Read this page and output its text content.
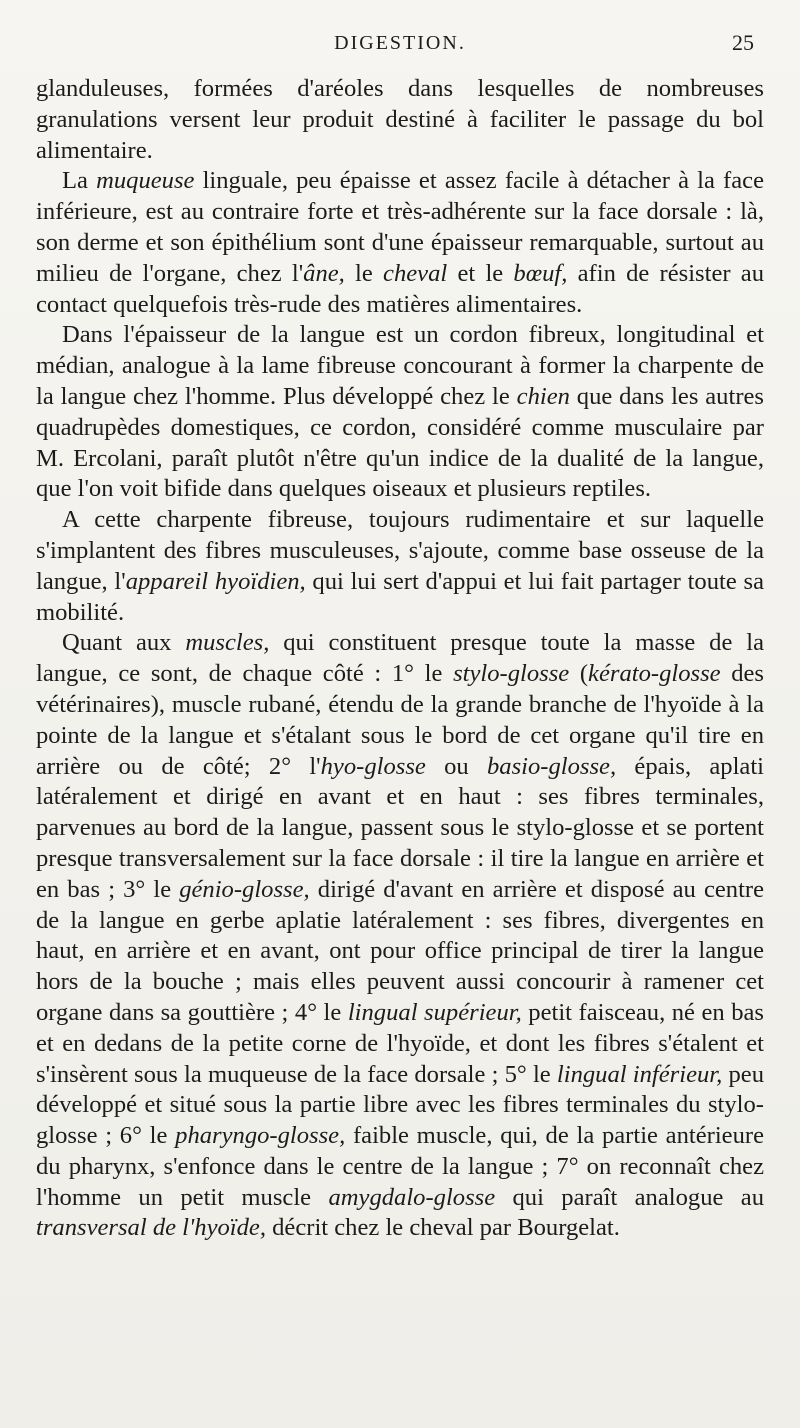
DIGESTION.	25

glanduleuses, formées d'aréoles dans lesquelles de nombreuses granulations versent leur produit destiné à faciliter le passage du bol alimentaire.

La muqueuse linguale, peu épaisse et assez facile à détacher à la face inférieure, est au contraire forte et très-adhérente sur la face dorsale : là, son derme et son épithélium sont d'une épaisseur remarquable, surtout au milieu de l'organe, chez l'âne, le cheval et le bœuf, afin de résister au contact quelquefois très-rude des matières alimentaires.

Dans l'épaisseur de la langue est un cordon fibreux, longitudinal et médian, analogue à la lame fibreuse concourant à former la charpente de la langue chez l'homme. Plus développé chez le chien que dans les autres quadrupèdes domestiques, ce cordon, considéré comme musculaire par M. Ercolani, paraît plutôt n'être qu'un indice de la dualité de la langue, que l'on voit bifide dans quelques oiseaux et plusieurs reptiles.

A cette charpente fibreuse, toujours rudimentaire et sur laquelle s'implantent des fibres musculeuses, s'ajoute, comme base osseuse de la langue, l'appareil hyoïdien, qui lui sert d'appui et lui fait partager toute sa mobilité.

Quant aux muscles, qui constituent presque toute la masse de la langue, ce sont, de chaque côté : 1° le stylo-glosse (kérato-glosse des vétérinaires), muscle rubané, étendu de la grande branche de l'hyoïde à la pointe de la langue et s'étalant sous le bord de cet organe qu'il tire en arrière ou de côté; 2° l'hyo-glosse ou basio-glosse, épais, aplati latéralement et dirigé en avant et en haut : ses fibres terminales, parvenues au bord de la langue, passent sous le stylo-glosse et se portent presque transversalement sur la face dorsale : il tire la langue en arrière et en bas ; 3° le génio-glosse, dirigé d'avant en arrière et disposé au centre de la langue en gerbe aplatie latéralement : ses fibres, divergentes en haut, en arrière et en avant, ont pour office principal de tirer la langue hors de la bouche ; mais elles peuvent aussi concourir à ramener cet organe dans sa gouttière ; 4° le lingual supérieur, petit faisceau, né en bas et en dedans de la petite corne de l'hyoïde, et dont les fibres s'étalent et s'insèrent sous la muqueuse de la face dorsale ; 5° le lingual inférieur, peu développé et situé sous la partie libre avec les fibres terminales du stylo-glosse ; 6° le pharyngo-glosse, faible muscle, qui, de la partie antérieure du pharynx, s'enfonce dans le centre de la langue ; 7° on reconnaît chez l'homme un petit muscle amygdalo-glosse qui paraît analogue au transversal de l'hyoïde, décrit chez le cheval par Bourgelat.
